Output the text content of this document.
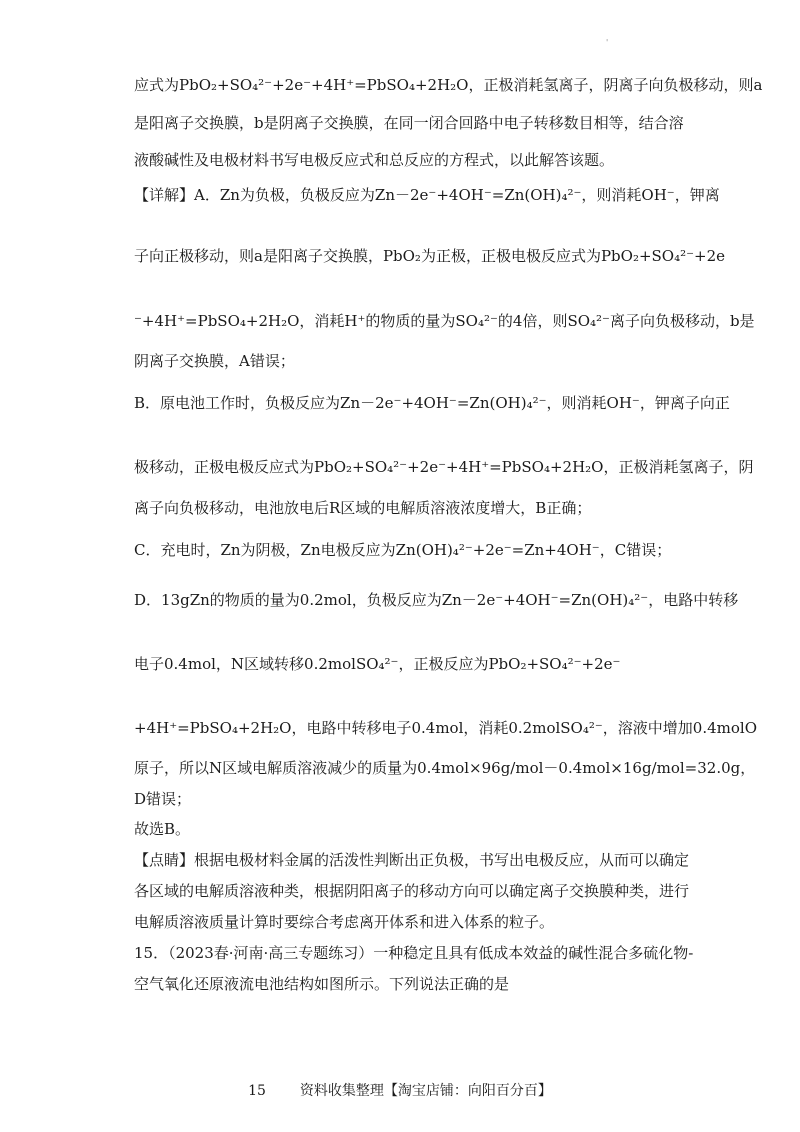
'
应式为PbO₂+SO₄²⁻+2e⁻+4H⁺=PbSO₄+2H₂O，正极消耗氢离子，阴离子向负极移动，则a
是阳离子交换膜，b是阴离子交换膜，在同一闭合回路中电子转移数目相等，结合溶
液酸碱性及电极材料书写电极反应式和总反应的方程式，以此解答该题。
【详解】A．Zn为负极，负极反应为Zn－2e⁻+4OH⁻=Zn(OH)₄²⁻，则消耗OH⁻，钾离
子向正极移动，则a是阳离子交换膜，PbO₂为正极，正极电极反应式为PbO₂+SO₄²⁻+2e
⁻+4H⁺=PbSO₄+2H₂O，消耗H⁺的物质的量为SO₄²⁻的4倍，则SO₄²⁻离子向负极移动，b是
阴离子交换膜，A错误；
B．原电池工作时，负极反应为Zn－2e⁻+4OH⁻=Zn(OH)₄²⁻，则消耗OH⁻，钾离子向正
极移动，正极电极反应式为PbO₂+SO₄²⁻+2e⁻+4H⁺=PbSO₄+2H₂O，正极消耗氢离子，阴
离子向负极移动，电池放电后R区域的电解质溶液浓度增大，B正确；
C．充电时，Zn为阴极，Zn电极反应为Zn(OH)₄²⁻+2e⁻=Zn+4OH⁻，C错误；
D．13gZn的物质的量为0.2mol，负极反应为Zn－2e⁻+4OH⁻=Zn(OH)₄²⁻，电路中转移
电子0.4mol，N区域转移0.2molSO₄²⁻，正极反应为PbO₂+SO₄²⁻+2e⁻
+4H⁺=PbSO₄+2H₂O，电路中转移电子0.4mol，消耗0.2molSO₄²⁻，溶液中增加0.4molO
原子，所以N区域电解质溶液减少的质量为0.4mol×96g/mol－0.4mol×16g/mol=32.0g，
D错误；
故选B。
【点睛】根据电极材料金属的活泼性判断出正负极，书写出电极反应，从而可以确定
各区域的电解质溶液种类，根据阴阳离子的移动方向可以确定离子交换膜种类，进行
电解质溶液质量计算时要综合考虑离开体系和进入体系的粒子。
15．（2023春·河南·高三专题练习）一种稳定且具有低成本效益的碱性混合多硫化物-
空气氧化还原液流电池结构如图所示。下列说法正确的是
15 资料收集整理【淘宝店铺：向阳百分百】
